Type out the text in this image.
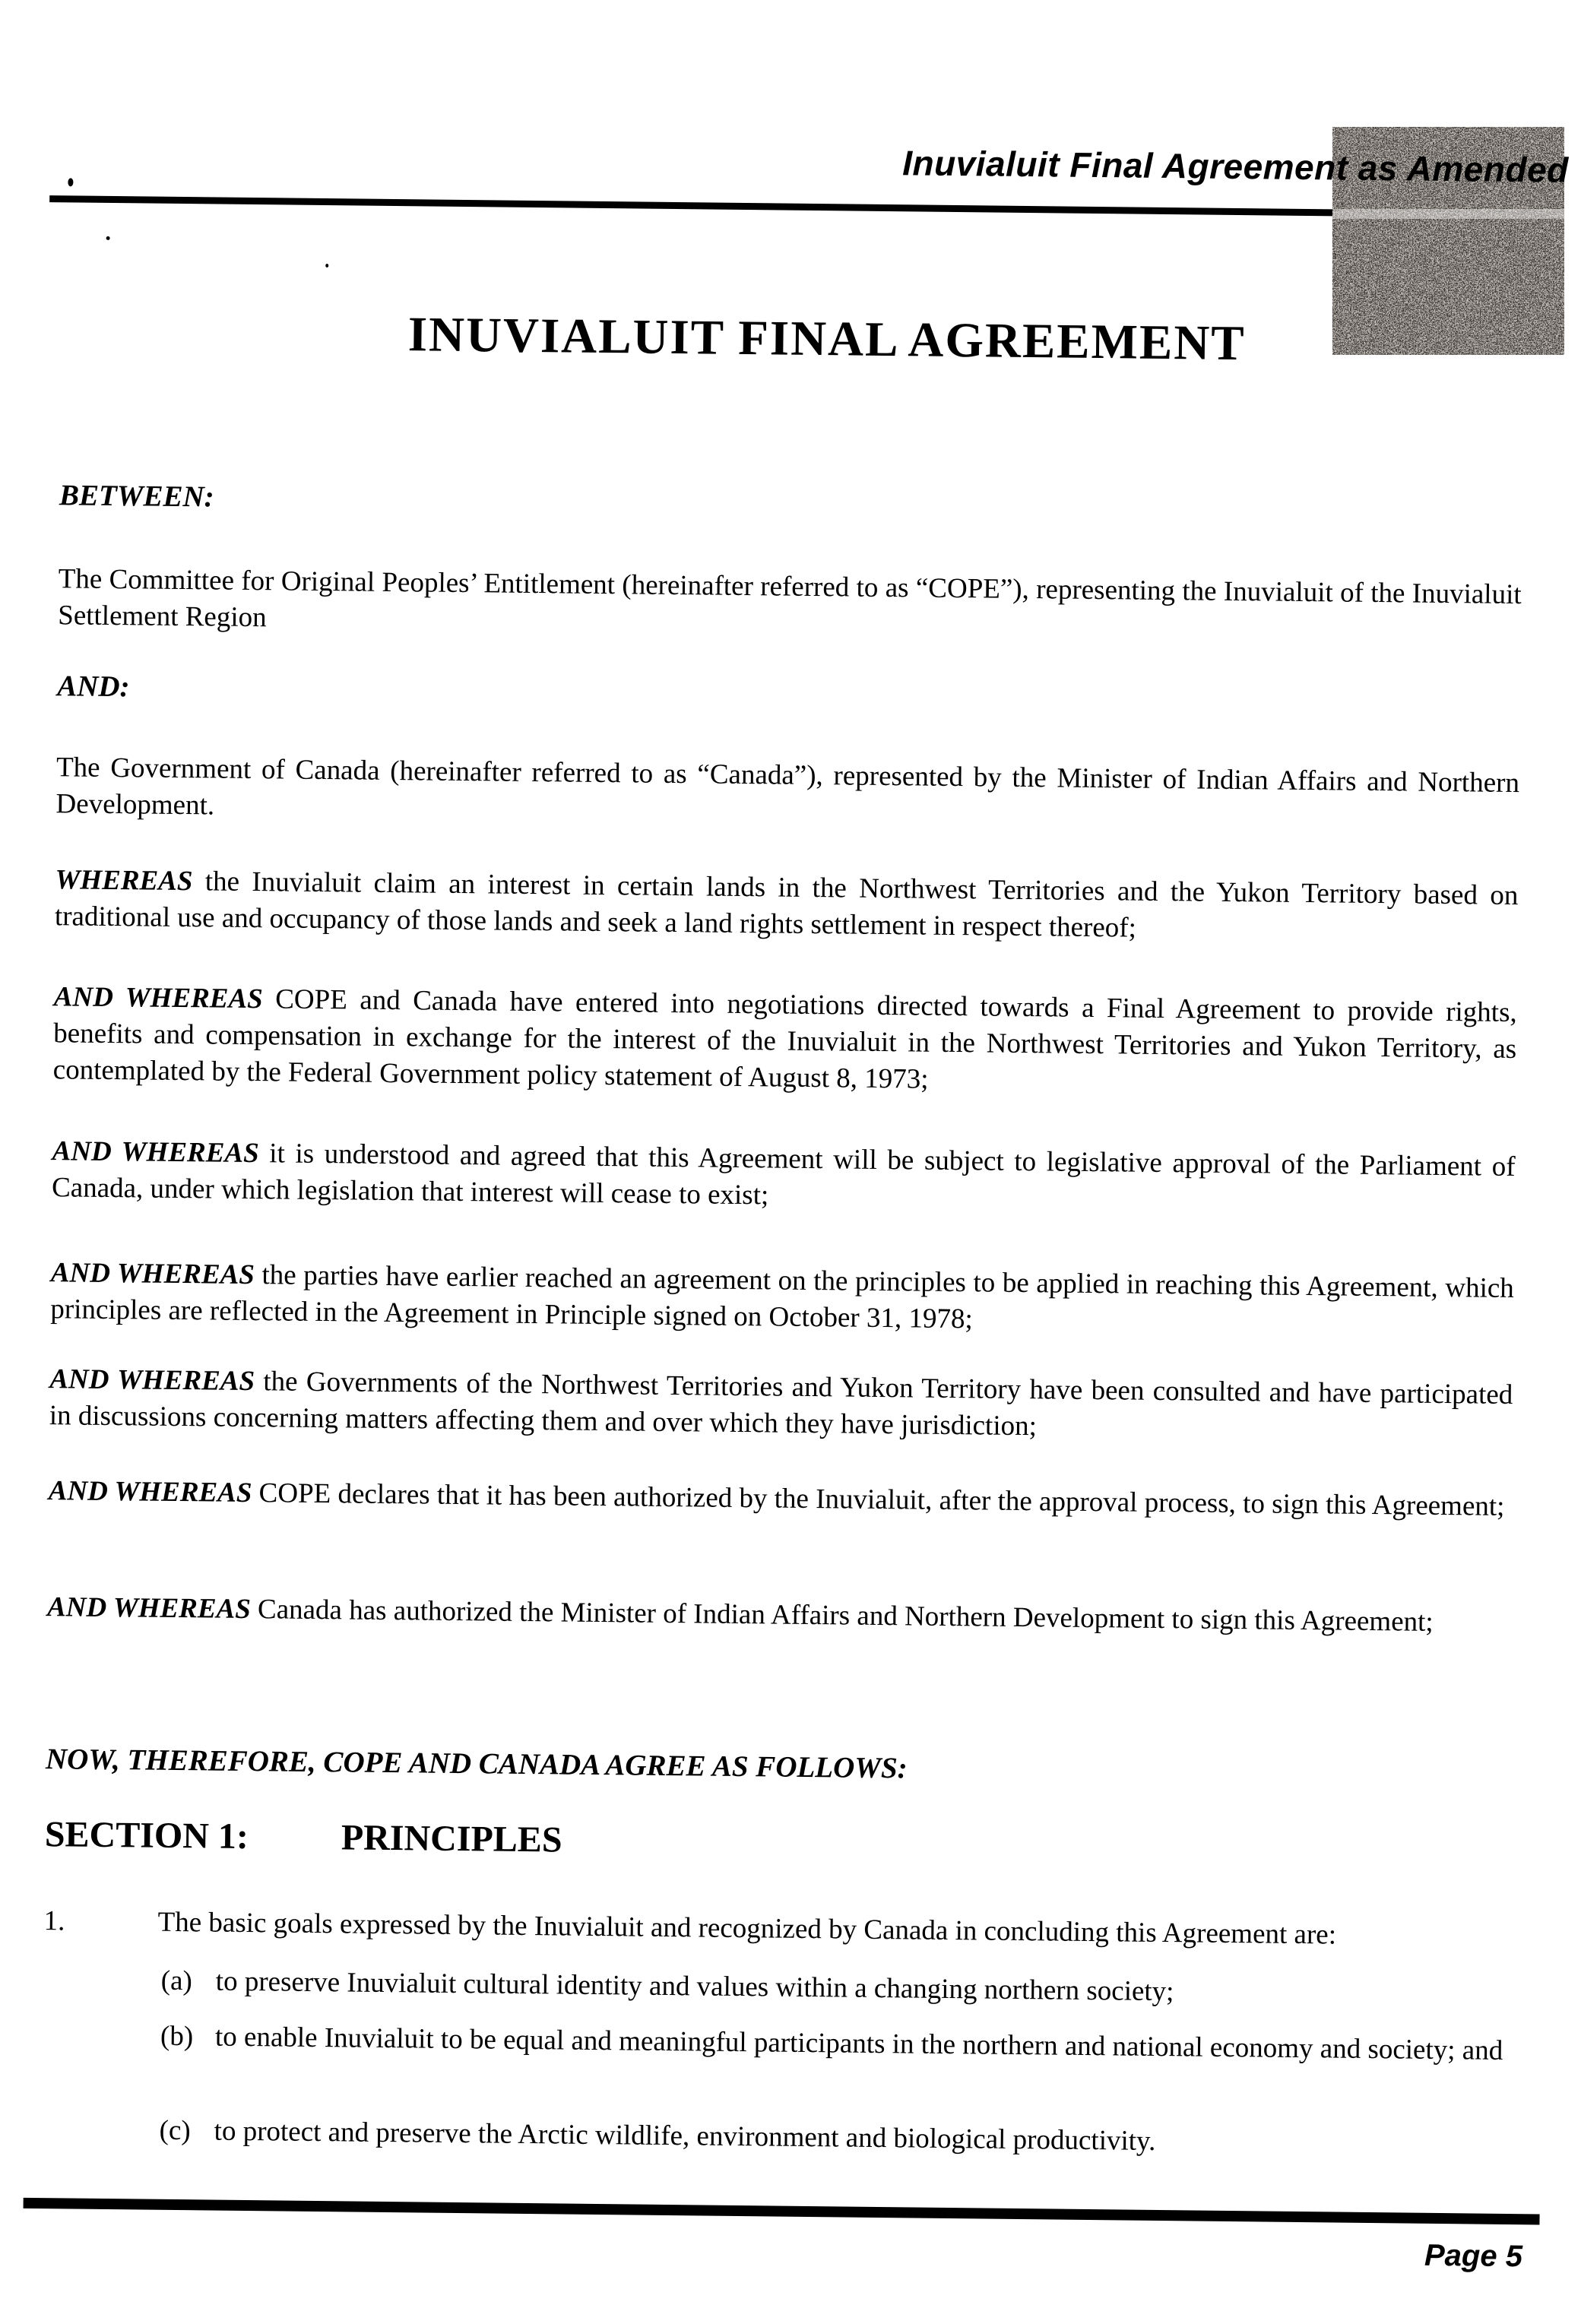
Inuvialuit Final Agreement as Amended
INUVIALUIT FINAL AGREEMENT

BETWEEN:

The Committee for Original Peoples’ Entitlement (hereinafter referred to as “COPE”), representing the Inuvialuit of the Inuvialuit Settlement Region

AND:

The Government of Canada (hereinafter referred to as “Canada”), represented by the Minister of Indian Affairs and Northern Development.

WHEREAS the Inuvialuit claim an interest in certain lands in the Northwest Territories and the Yukon Territory based on traditional use and occupancy of those lands and seek a land rights settlement in respect thereof;

AND WHEREAS COPE and Canada have entered into negotiations directed towards a Final Agreement to provide rights, benefits and compensation in exchange for the interest of the Inuvialuit in the Northwest Territories and Yukon Territory, as contemplated by the Federal Government policy statement of August 8, 1973;

AND WHEREAS it is understood and agreed that this Agreement will be subject to legislative approval of the Parliament of Canada, under which legislation that interest will cease to exist;

AND WHEREAS the parties have earlier reached an agreement on the principles to be applied in reaching this Agreement, which principles are reflected in the Agreement in Principle signed on October 31, 1978;

AND WHEREAS the Governments of the Northwest Territories and Yukon Territory have been consulted and have participated in discussions concerning matters affecting them and over which they have jurisdiction;

AND WHEREAS COPE declares that it has been authorized by the Inuvialuit, after the approval process, to sign this Agreement;

AND WHEREAS Canada has authorized the Minister of Indian Affairs and Northern Development to sign this Agreement;

NOW, THEREFORE, COPE AND CANADA AGREE AS FOLLOWS:

SECTION 1:	PRINCIPLES
1.	The basic goals expressed by the Inuvialuit and recognized by Canada in concluding this Agreement are:
(a) to preserve Inuvialuit cultural identity and values within a changing northern society;
(b) to enable Inuvialuit to be equal and meaningful participants in the northern and national economy and society; and
(c) to protect and preserve the Arctic wildlife, environment and biological productivity.
Page 5
